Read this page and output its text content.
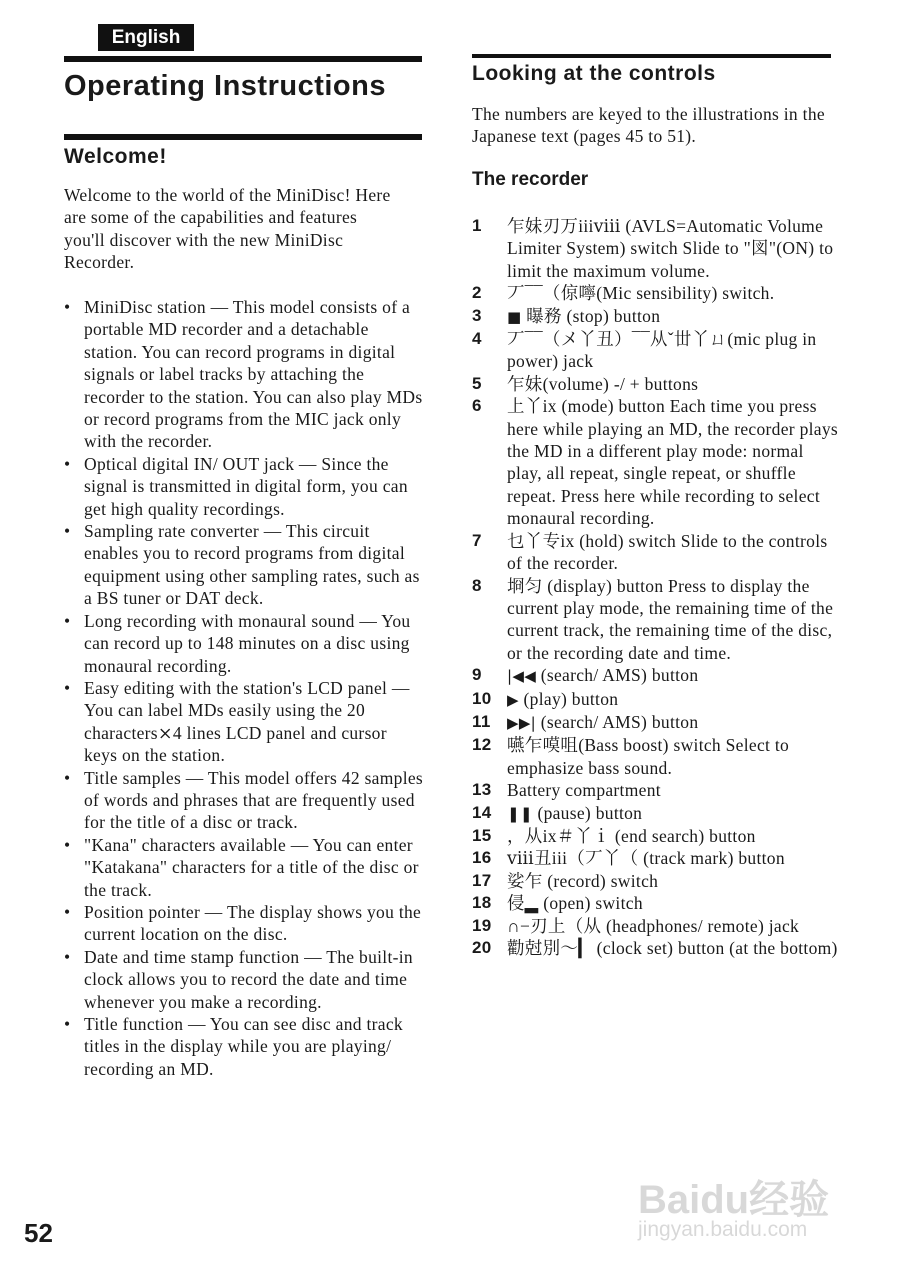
English
Operating Instructions
Welcome!

Welcome to the world of the MiniDisc! Here are some of the capabilities and features you'll discover with the new MiniDisc Recorder.

• MiniDisc station — This model consists of a portable MD recorder and a detachable station. You can record programs in digital signals or label tracks by attaching the recorder to the station. You can also play MDs or record programs from the MIC jack only with the recorder.
• Optical digital IN/ OUT jack — Since the signal is transmitted in digital form, you can get high quality recordings.
• Sampling rate converter — This circuit enables you to record programs from digital equipment using other sampling rates, such as a BS tuner or DAT deck.
• Long recording with monaural sound — You can record up to 148 minutes on a disc using monaural recording.
• Easy editing with the station's LCD panel — You can label MDs easily using the 20 characters⨯4 lines LCD panel and cursor keys on the station.
• Title samples — This model offers 42 samples of words and phrases that are frequently used for the title of a disc or track.
• "Kana" characters available — You can enter "Katakana" characters for a title of the disc or the track.
• Position pointer — The display shows you the current location on the disc.
• Date and time stamp function — The built-in clock allows you to record the date and time whenever you make a recording.
• Title function — You can see disc and track titles in the display while you are playing/ recording an MD.
Looking at the controls

The numbers are keyed to the illustrations in the Japanese text (pages 45 to 51).

The recorder
1 乍妹刃万iiiⅷ (AVLS=Automatic Volume Limiter System) switch Slide to "図"(ON) to limit the maximum volume.
2 丆¯¯（倞嚀(Mic sensibility) switch.
3 ■ 曝務 (stop) button
4 丆¯¯（メ丫丑）¯¯从ˇ丗丫ㄩ(mic plug in power) jack
5 乍妹(volume) -/ + buttons
6 上丫ix (mode) button Each time you press here while playing an MD, the recorder plays the MD in a different play mode: normal play, all repeat, single repeat, or shuffle repeat. Press here while recording to select monaural recording.
7 乜丫专ix (hold) switch Slide to the controls of the recorder.
8 埛匀 (display) button Press to display the current play mode, the remaining time of the current track, the remaining time of the disc, or the recording date and time.
9 |◀◀ (search/ AMS) button
10 ▶ (play) button
11 ▶▶| (search/ AMS) button
12 嚥乍嗼咀(Bass boost) switch Select to emphasize bass sound.
13 Battery compartment
14 ❚❚ (pause) button
15 ，从ix＃丫ｉ (end search) button
16 ⅷ丑iii（丆丫（ (track mark) button
17 娑乍 (record) switch
18 侵▂ (open) switch
19 ∩−刃上（从 (headphones/ remote) jack
20 勸尅別〜▎ (clock set) button (at the bottom)
52
Baidu经验
jingyan.baidu.com
